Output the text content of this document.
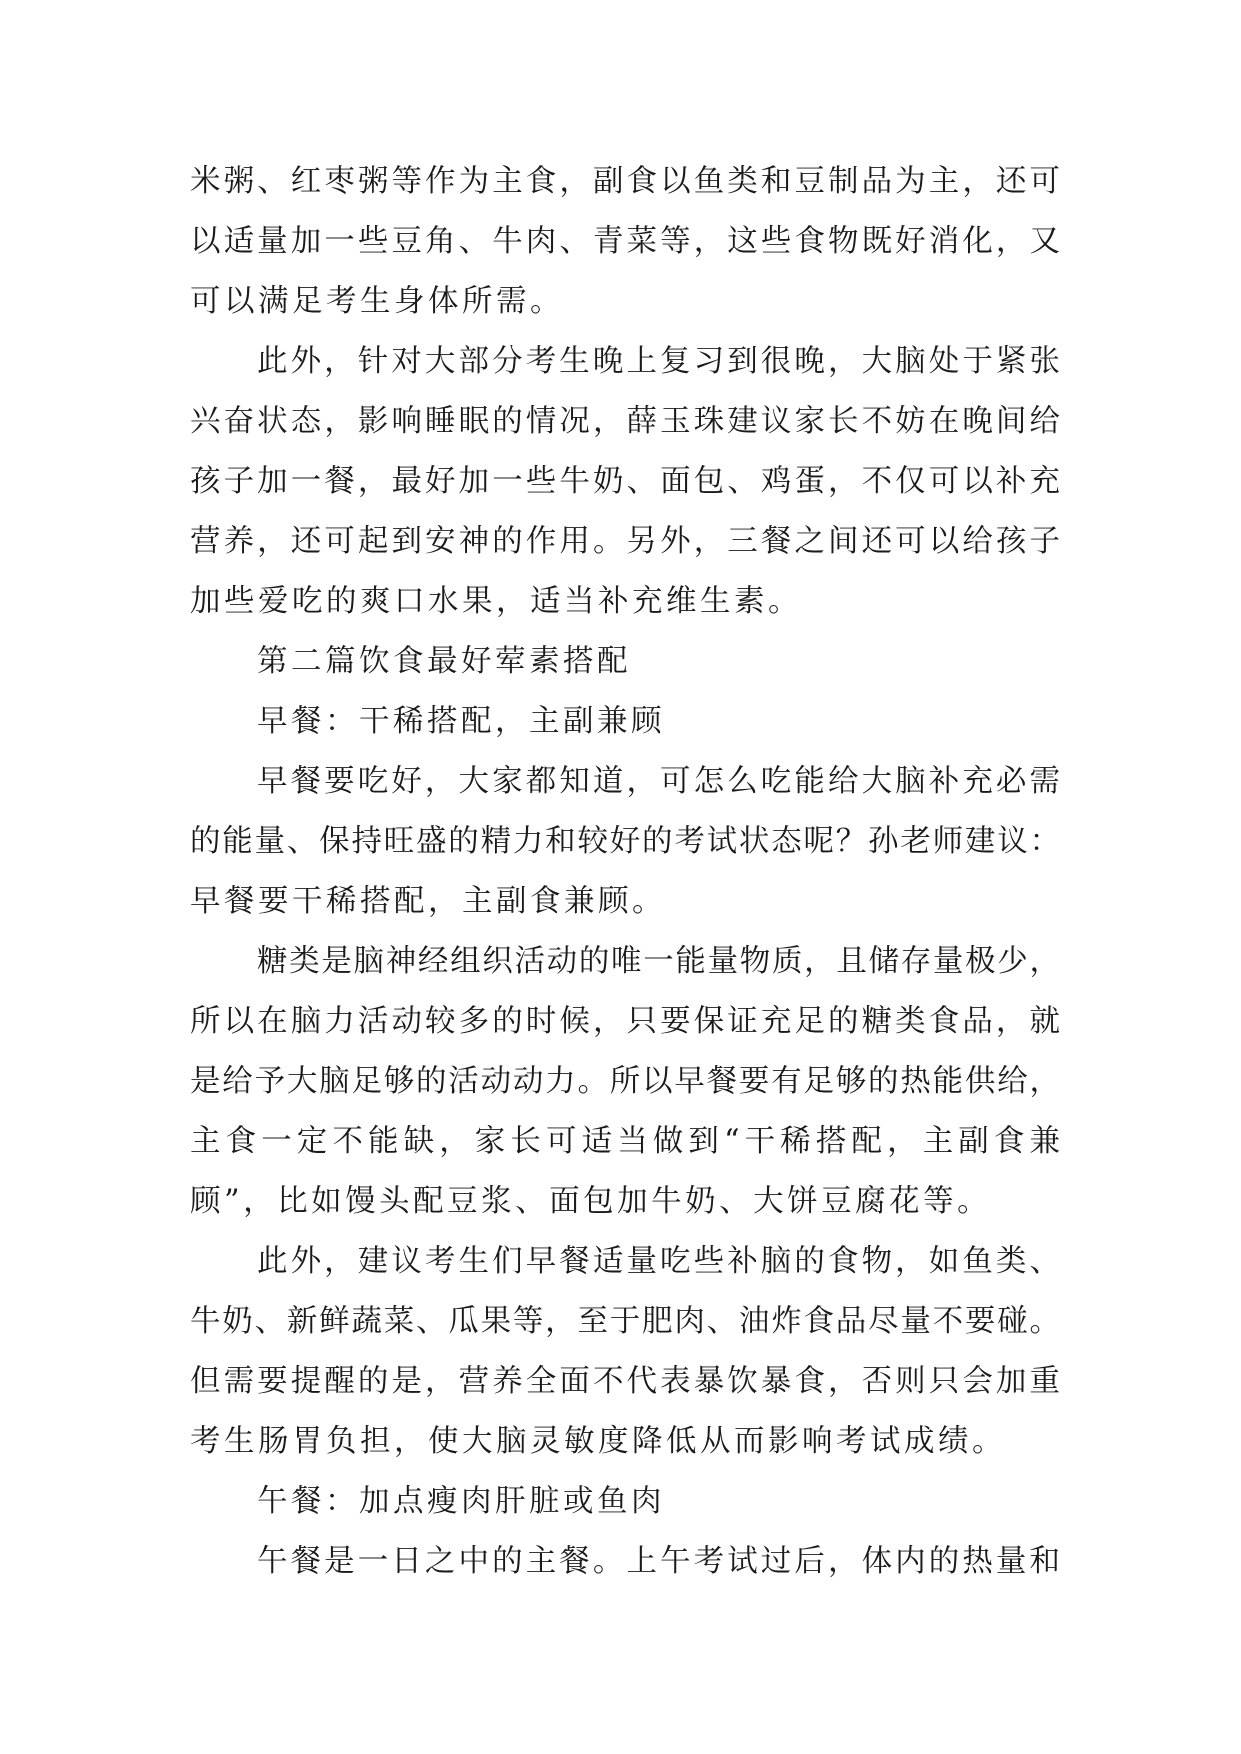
米粥、红枣粥等作为主食，副食以鱼类和豆制品为主，还可
以适量加一些豆角、牛肉、青菜等，这些食物既好消化，又
可以满足考生身体所需。
此外，针对大部分考生晚上复习到很晚，大脑处于紧张
兴奋状态，影响睡眠的情况，薛玉珠建议家长不妨在晚间给
孩子加一餐，最好加一些牛奶、面包、鸡蛋，不仅可以补充
营养，还可起到安神的作用。另外，三餐之间还可以给孩子
加些爱吃的爽口水果，适当补充维生素。
第二篇饮食最好荤素搭配
早餐：干稀搭配，主副兼顾
早餐要吃好，大家都知道，可怎么吃能给大脑补充必需
的能量、保持旺盛的精力和较好的考试状态呢？孙老师建议：
早餐要干稀搭配，主副食兼顾。
糖类是脑神经组织活动的唯一能量物质，且储存量极少，
所以在脑力活动较多的时候，只要保证充足的糖类食品，就
是给予大脑足够的活动动力。所以早餐要有足够的热能供给，
主食一定不能缺，家长可适当做到“干稀搭配，主副食兼
顾”，比如馒头配豆浆、面包加牛奶、大饼豆腐花等。
此外，建议考生们早餐适量吃些补脑的食物，如鱼类、
牛奶、新鲜蔬菜、瓜果等，至于肥肉、油炸食品尽量不要碰。
但需要提醒的是，营养全面不代表暴饮暴食，否则只会加重
考生肠胃负担，使大脑灵敏度降低从而影响考试成绩。
午餐：加点瘦肉肝脏或鱼肉
午餐是一日之中的主餐。上午考试过后，体内的热量和
